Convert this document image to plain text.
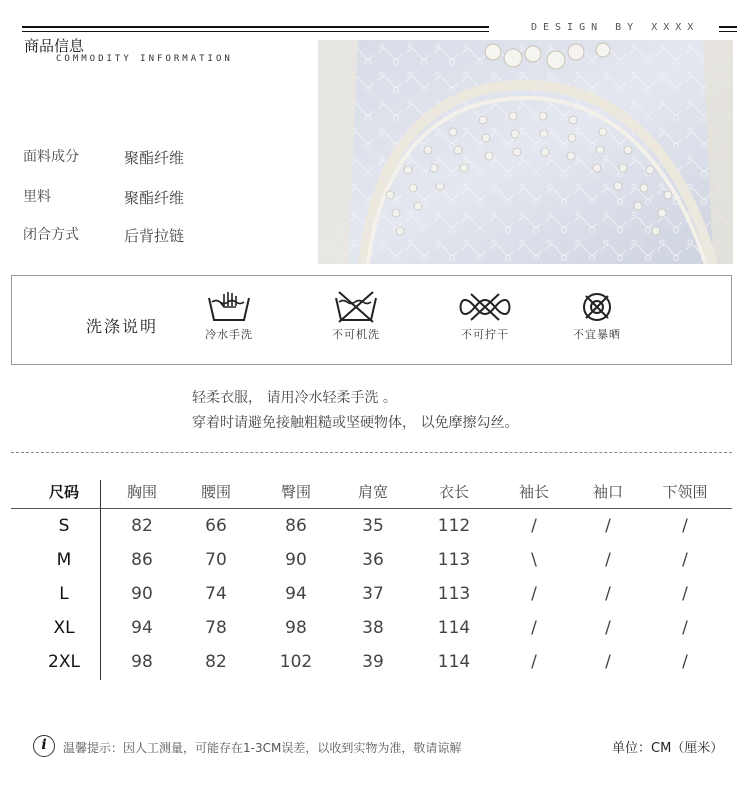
DESIGN BY XXXX
商品信息
COMMODITY INFORMATION
面料成分	聚酯纤维
里料	聚酯纤维
闭合方式	后背拉链
洗涤说明	冷水手洗	不可机洗	不可拧干	不宜暴晒
轻柔衣服， 请用冷水轻柔手洗 。
穿着时请避免接触粗糙或坚硬物体， 以免摩擦勾丝。
尺码	胸围	腰围	臀围	肩宽	衣长	袖长	袖口	下领围
S	82	66	86	35	112	/	/	/
M	86	70	90	36	113	\	/	/
L	90	74	94	37	113	/	/	/
XL	94	78	98	38	114	/	/	/
2XL	98	82	102	39	114	/	/	/
i	温馨提示：因人工测量，可能存在1-3CM误差，以收到实物为准，敬请谅解	单位：CM（厘米）
